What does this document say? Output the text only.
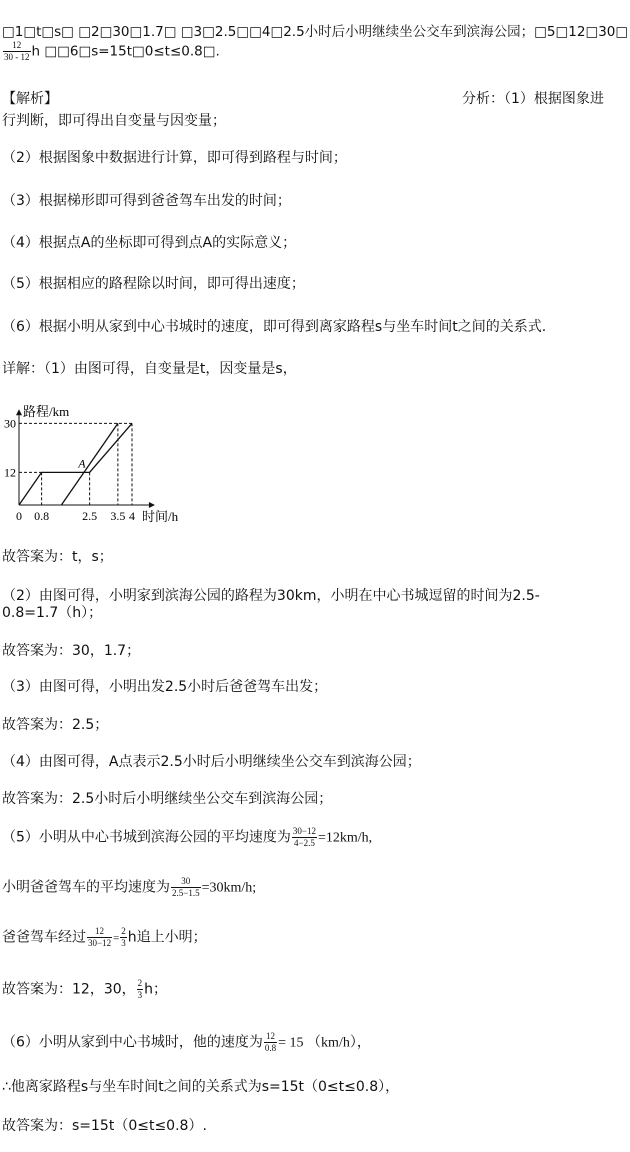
□1□t□s□ □2□30□1.7□ □3□2.5□□4□2.5小时后小明继续坐公交车到滨海公园；□5□12□30□
$\frac{12}{30 - 12}$ h □□6□s=15t□0≤t≤0.8□.
【解析】	分析：（1）根据图象进
行判断，即可得出自变量与因变量；
（2）根据图象中数据进行计算，即可得到路程与时间；
（3）根据梯形即可得到爸爸驾车出发的时间；
（4）根据点A的坐标即可得到点A的实际意义；
（5）根据相应的路程除以时间，即可得出速度；
（6）根据小明从家到中心书城时的速度，即可得到离家路程s与坐车时间t之间的关系式.
详解：（1）由图可得，自变量是t，因变量是s，
路程/km
时间/h
0 0.8	2.5 3.5 4
12
30
A
故答案为：t，s；
（2）由图可得，小明家到滨海公园的路程为30km，小明在中心书城逗留的时间为2.5-
0.8=1.7（h）；
故答案为：30，1.7；
（3）由图可得，小明出发2.5小时后爸爸驾车出发；
故答案为：2.5；
（4）由图可得，A点表示2.5小时后小明继续坐公交车到滨海公园；
故答案为：2.5小时后小明继续坐公交车到滨海公园；
（5）小明从中心书城到滨海公园的平均速度为 $\frac{30-12}{4-2.5} =12km/h$,
小明爸爸驾车的平均速度为 $\frac{30}{2.5-1.5} =30km/h$;
爸爸驾车经过 $\frac{12}{30-12} = \frac{2}{3}$ h追上小明；
故答案为：12，30， $\frac{2}{3}$ h；
（6）小明从家到中心书城时，他的速度为 $\frac{12}{0.8} = 15$ （km/h），
∴他离家路程s与坐车时间t之间的关系式为s=15t（0≤t≤0.8），
故答案为：s=15t（0≤t≤0.8）.
